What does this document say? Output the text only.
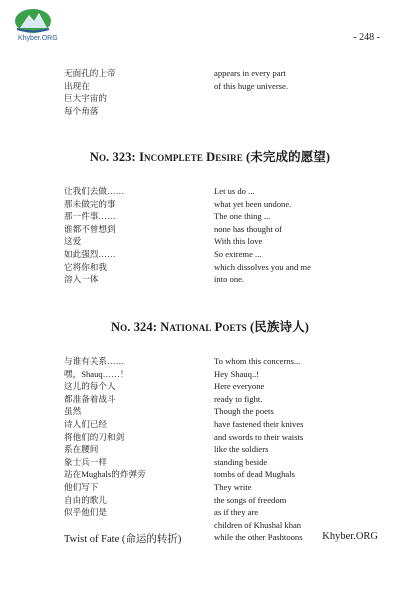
Khyber.ORG	- 248 -
无面孔的上帝
出现在
巨大宇宙的
每个角落
appears in every part
of this huge universe.
No. 323: Incomplete Desire (未完成的愿望)
让我们去做……
那未做完的事
那一件事……
谁都不曾想到
这爱
如此强烈……
它将你和我
溶入一体
Let us do ...
what yet been undone.
The one thing ...
none has thought of
With this love
So extreme ...
which dissolves you and me
into one.
No. 324: National Poets (民族诗人)
与谁有关系……
嘿，Shauq……！
这儿的每个人
都准备着战斗
虽然
诗人们已经
将他们的刀和剑
系在腰间
象士兵一样
站在Mughals的炸弹旁
他们写下
自由的歌儿
似乎他们是
To whom this concerns...
Hey Shauq..!
Here everyone
ready to fight.
Though the poets
have fastened their knives
and swords to their waists
like the soldiers
standing beside
tombs of dead Mughals
They write
the songs of freedom
as if they are
children of Khushal khan
while the other Pashtoons
Twist of Fate (命运的转折)	Khyber.ORG
